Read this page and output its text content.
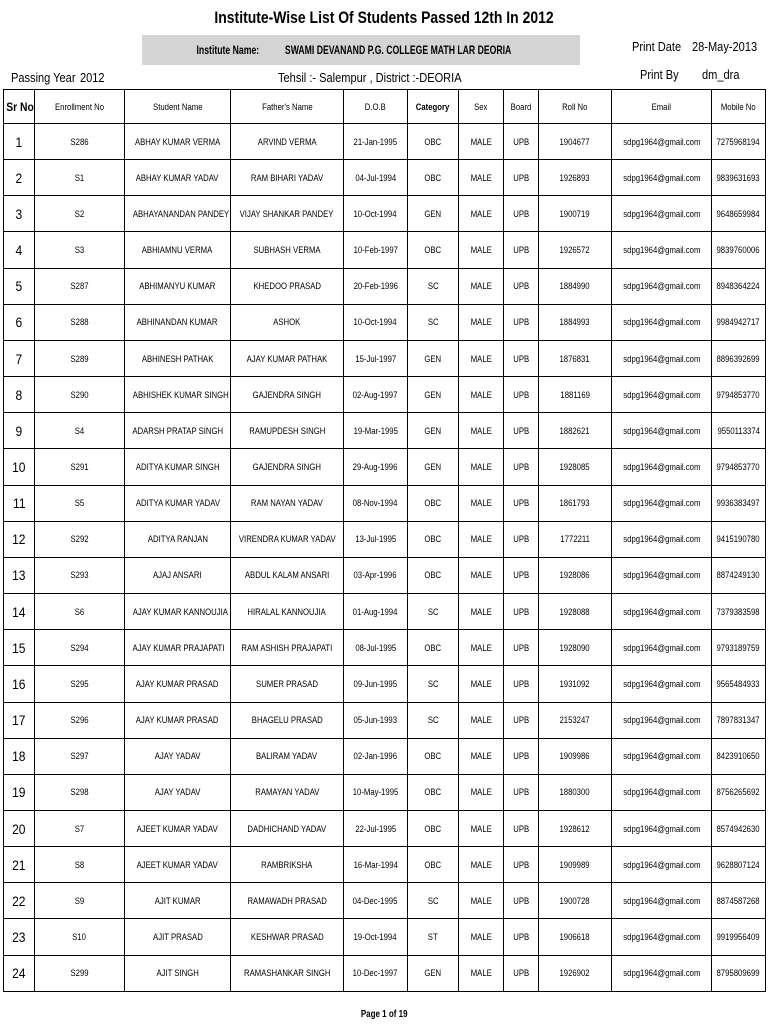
Institute-Wise List Of Students Passed 12th In 2012
Institute Name: SWAMI DEVANAND P.G. COLLEGE MATH LAR DEORIA	Print Date 28-May-2013
Print By dm_dra
Passing Year 2012	Tehsil :- Salempur , District :-DEORIA
Sr No	Enrollment No	Student Name	Father's Name	D.O.B	Category	Sex	Board	Roll No	Email	Mobile No
1	S286	ABHAY KUMAR VERMA	ARVIND VERMA	21-Jan-1995	OBC	MALE	UPB	1904677	sdpg1964@gmail.com	7275968194
2	S1	ABHAY KUMAR YADAV	RAM BIHARI YADAV	04-Jul-1994	OBC	MALE	UPB	1926893	sdpg1964@gmail.com	9839631693
3	S2	ABHAYANANDAN PANDEY	VIJAY SHANKAR PANDEY	10-Oct-1994	GEN	MALE	UPB	1900719	sdpg1964@gmail.com	9648659984
4	S3	ABHIAMNU VERMA	SUBHASH VERMA	10-Feb-1997	OBC	MALE	UPB	1926572	sdpg1964@gmail.com	9839760006
5	S287	ABHIMANYU KUMAR	KHEDOO PRASAD	20-Feb-1996	SC	MALE	UPB	1884990	sdpg1964@gmail.com	8948364224
6	S288	ABHINANDAN KUMAR	ASHOK	10-Oct-1994	SC	MALE	UPB	1884993	sdpg1964@gmail.com	9984942717
7	S289	ABHINESH PATHAK	AJAY KUMAR PATHAK	15-Jul-1997	GEN	MALE	UPB	1876831	sdpg1964@gmail.com	8896392699
8	S290	ABHISHEK KUMAR SINGH	GAJENDRA SINGH	02-Aug-1997	GEN	MALE	UPB	1881169	sdpg1964@gmail.com	9794853770
9	S4	ADARSH PRATAP SINGH	RAMUPDESH SINGH	19-Mar-1995	GEN	MALE	UPB	1882621	sdpg1964@gmail.com	9550113374
10	S291	ADITYA KUMAR SINGH	GAJENDRA SINGH	29-Aug-1996	GEN	MALE	UPB	1928085	sdpg1964@gmail.com	9794853770
11	S5	ADITYA KUMAR YADAV	RAM NAYAN YADAV	08-Nov-1994	OBC	MALE	UPB	1861793	sdpg1964@gmail.com	9936383497
12	S292	ADITYA RANJAN	VIRENDRA KUMAR YADAV	13-Jul-1995	OBC	MALE	UPB	1772211	sdpg1964@gmail.com	9415190780
13	S293	AJAJ ANSARI	ABDUL KALAM ANSARI	03-Apr-1996	OBC	MALE	UPB	1928086	sdpg1964@gmail.com	8874249130
14	S6	AJAY KUMAR KANNOUJIA	HIRALAL KANNOUJIA	01-Aug-1994	SC	MALE	UPB	1928088	sdpg1964@gmail.com	7379383598
15	S294	AJAY KUMAR PRAJAPATI	RAM ASHISH PRAJAPATI	08-Jul-1995	OBC	MALE	UPB	1928090	sdpg1964@gmail.com	9793189759
16	S295	AJAY KUMAR PRASAD	SUMER PRASAD	09-Jun-1995	SC	MALE	UPB	1931092	sdpg1964@gmail.com	9565484933
17	S296	AJAY KUMAR PRASAD	BHAGELU PRASAD	05-Jun-1993	SC	MALE	UPB	2153247	sdpg1964@gmail.com	7897831347
18	S297	AJAY YADAV	BALIRAM YADAV	02-Jan-1996	OBC	MALE	UPB	1909986	sdpg1964@gmail.com	8423910650
19	S298	AJAY YADAV	RAMAYAN YADAV	10-May-1995	OBC	MALE	UPB	1880300	sdpg1964@gmail.com	8756265692
20	S7	AJEET KUMAR YADAV	DADHICHAND YADAV	22-Jul-1995	OBC	MALE	UPB	1928612	sdpg1964@gmail.com	8574942630
21	S8	AJEET KUMAR YADAV	RAMBRIKSHA	16-Mar-1994	OBC	MALE	UPB	1909989	sdpg1964@gmail.com	9628807124
22	S9	AJIT KUMAR	RAMAWADH PRASAD	04-Dec-1995	SC	MALE	UPB	1900728	sdpg1964@gmail.com	8874587268
23	S10	AJIT PRASAD	KESHWAR PRASAD	19-Oct-1994	ST	MALE	UPB	1906618	sdpg1964@gmail.com	9919956409
24	S299	AJIT SINGH	RAMASHANKAR SINGH	10-Dec-1997	GEN	MALE	UPB	1926902	sdpg1964@gmail.com	8795809699
Page 1 of 19
